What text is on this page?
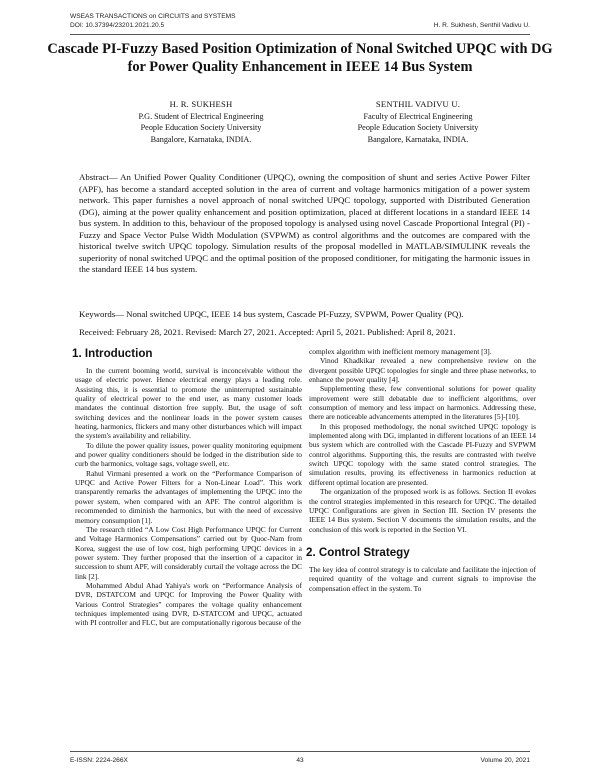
WSEAS TRANSACTIONS on CIRCUITS and SYSTEMS
DOI: 10.37394/23201.2021.20.5	H. R. Sukhesh, Senthil Vadivu U.
Cascade PI-Fuzzy Based Position Optimization of Nonal Switched UPQC with DG for Power Quality Enhancement in IEEE 14 Bus System
H. R. SUKHESH
P.G. Student of Electrical Engineering
People Education Society University
Bangalore, Karnataka, INDIA.
SENTHIL VADIVU U.
Faculty of Electrical Engineering
People Education Society University
Bangalore, Karnataka, INDIA.
Abstract— An Unified Power Quality Conditioner (UPQC), owning the composition of shunt and series Active Power Filter (APF), has become a standard accepted solution in the area of current and voltage harmonics mitigation of a power system network. This paper furnishes a novel approach of nonal switched UPQC topology, supported with Distributed Generation (DG), aiming at the power quality enhancement and position optimization, placed at different locations in a standard IEEE 14 bus system. In addition to this, behaviour of the proposed topology is analysed using novel Cascade Proportional Integral (PI) - Fuzzy and Space Vector Pulse Width Modulation (SVPWM) as control algorithms and the outcomes are compared with the historical twelve switch UPQC topology. Simulation results of the proposal modelled in MATLAB/SIMULINK reveals the superiority of nonal switched UPQC and the optimal position of the proposed conditioner, for mitigating the harmonic issues in the standard IEEE 14 bus system.
Keywords— Nonal switched UPQC, IEEE 14 bus system, Cascade PI-Fuzzy, SVPWM, Power Quality (PQ).
Received: February 28, 2021. Revised: March 27, 2021. Accepted: April 5, 2021. Published: April 8, 2021.
1. Introduction

In the current booming world, survival is inconceivable without the usage of electric power. Hence electrical energy plays a leading role. Assisting this, it is essential to promote the uninterrupted sustainable quality of electrical power to the end user, as many customer loads mandates the continual distortion free supply. But, the usage of soft switching devices and the nonlinear loads in the power system causes heating, harmonics, flickers and many other disturbances which will impact the system's availability and reliability.

To dilute the power quality issues, power quality monitoring equipment and power quality conditioners should be lodged in the distribution side to curb the harmonics, voltage sags, voltage swell, etc.

Rahul Virmani presented a work on the “Performance Comparison of UPQC and Active Power Filters for a Non-Linear Load”. This work transparently remarks the advantages of implementing the UPQC into the power system, when compared with an APF. The control algorithm is recommended to diminish the harmonics, but with the need of excessive memory consumption [1].

The research titled “A Low Cost High Performance UPQC for Current and Voltage Harmonics Compensations” carried out by Quoc-Nam from Korea, suggest the use of low cost, high performing UPQC devices in a power system. They further proposed that the insertion of a capacitor in succession to shunt APF, will considerably curtail the voltage across the DC link [2].

Mohammed Abdul Ahad Yahiya's work on “Performance Analysis of DVR, DSTATCOM and UPQC for Improving the Power Quality with Various Control Strategies” compares the voltage quality enhancement techniques implemented using DVR, D-STATCOM and UPQC, actuated with PI controller and FLC, but are computationally rigorous because of the

complex algorithm with inefficient memory management [3].

Vinod Khadkikar revealed a new comprehensive review on the divergent possible UPQC topologies for single and three phase networks, to enhance the power quality [4].

Supplementing these, few conventional solutions for power quality improvement were still debatable due to inefficient algorithms, over consumption of memory and less impact on harmonics. Addressing these, there are noticeable advancements attempted in the literatures [5]-[10].

In this proposed methodology, the nonal switched UPQC topology is implemented along with DG, implanted in different locations of an IEEE 14 bus system which are controlled with the Cascade PI-Fuzzy and SVPWM control algorithms. Supporting this, the results are contrasted with twelve switch UPQC topology with the same stated control strategies. The simulation results, proving its effectiveness in harmonics reduction at different optimal location are presented.

The organization of the proposed work is as follows. Section II evokes the control strategies implemented in this research for UPQC. The detailed UPQC Configurations are given in Section III. Section IV presents the IEEE 14 Bus system. Section V documents the simulation results, and the conclusion of this work is reported in the Section VI.

2. Control Strategy

The key idea of control strategy is to calculate and facilitate the injection of required quantity of the voltage and current signals to improvise the compensation effect in the system. To

E-ISSN: 2224-266X	43	Volume 20, 2021
